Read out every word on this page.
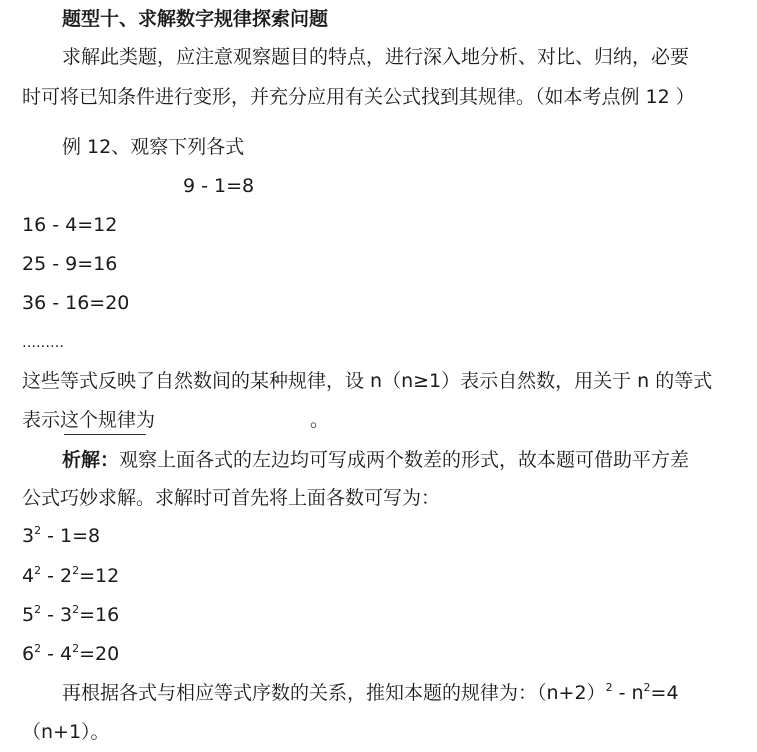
题型十、求解数字规律探索问题
求解此类题，应注意观察题目的特点，进行深入地分析、对比、归纳，必要
时可将已知条件进行变形，并充分应用有关公式找到其规律。（如本考点例 12 ）
例 12、观察下列各式
9 - 1=8
16 - 4=12
25 - 9=16
36 - 16=20
………
这些等式反映了自然数间的某种规律，设 n（n≥1）表示自然数，用关于 n 的等式
表示这个规律为	。
析解：观察上面各式的左边均可写成两个数差的形式，故本题可借助平方差
公式巧妙求解。求解时可首先将上面各数可写为：
$3^2 - 1=8$
$4^2 - 2^2=12$
$5^2 - 3^2=16$
$6^2 - 4^2=20$
再根据各式与相应等式序数的关系，推知本题的规律为：$(n+2)^2 - n^2=4$
（n+1）。
